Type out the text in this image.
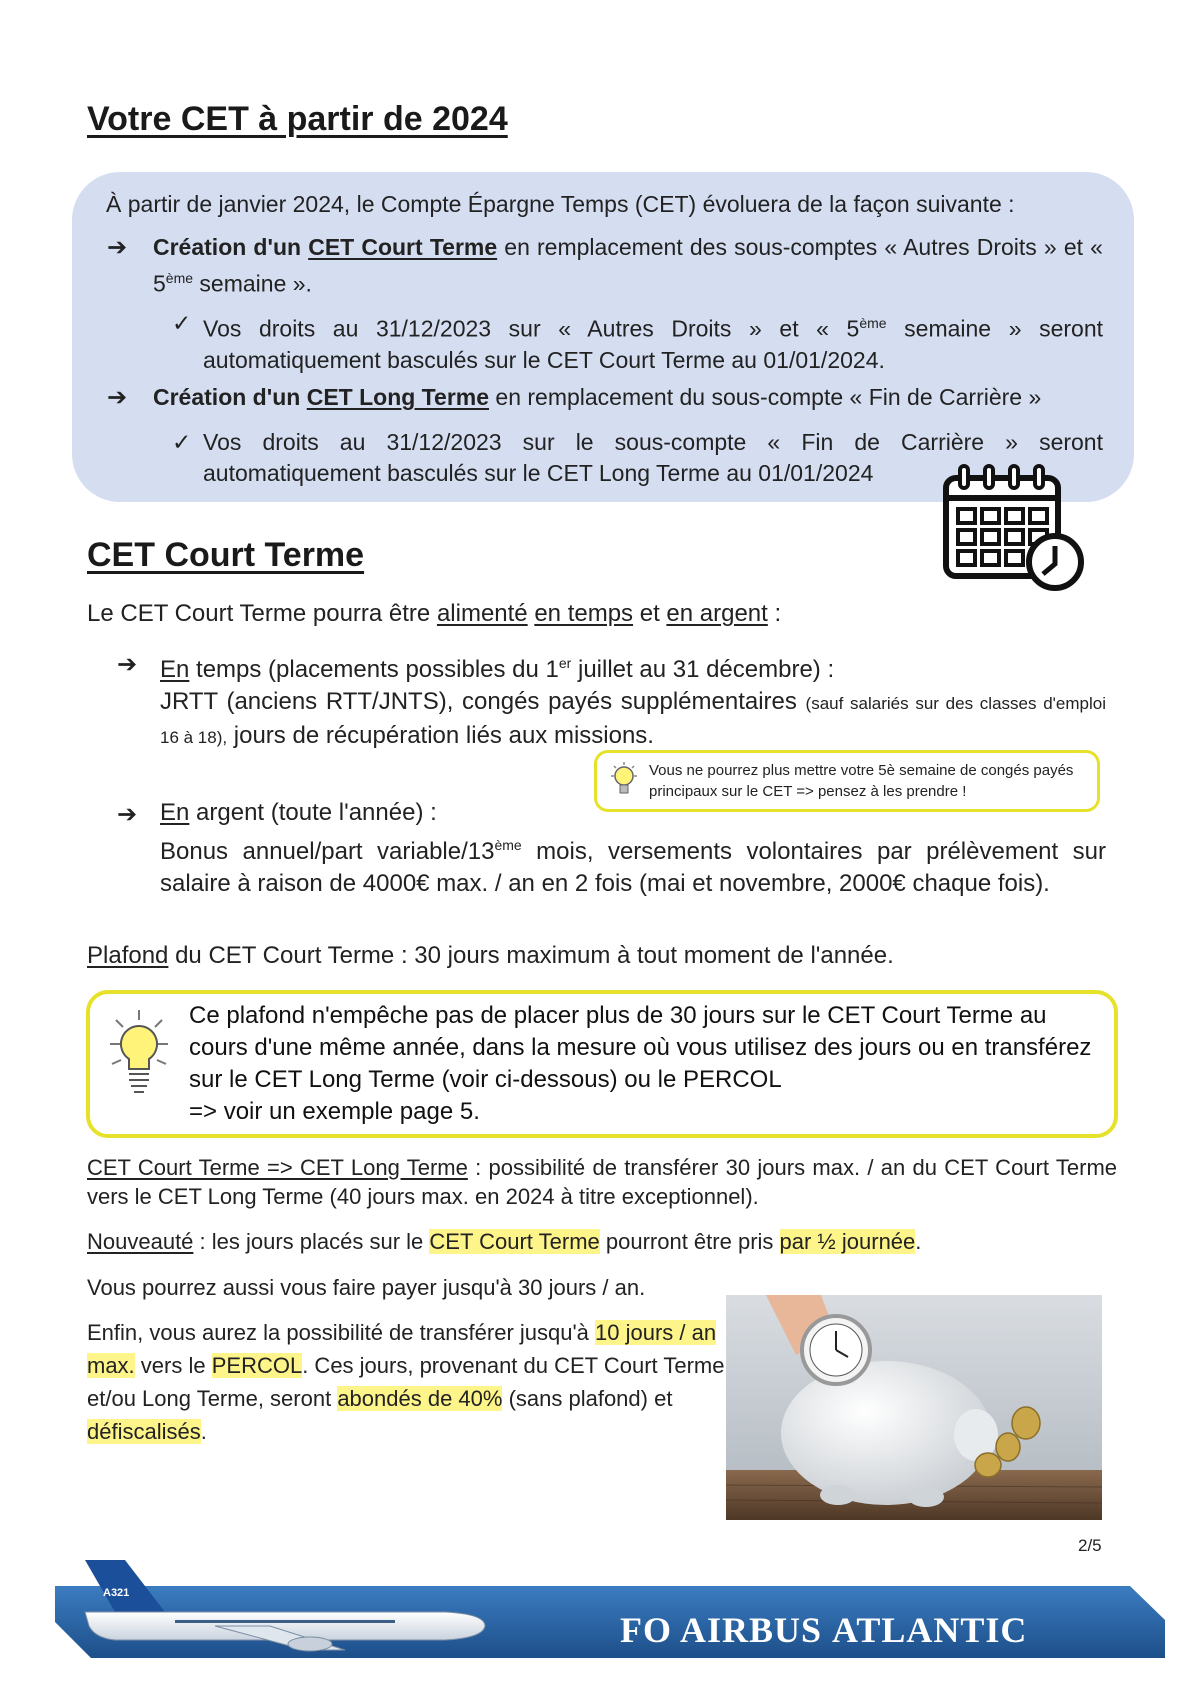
Votre CET à partir de 2024
À partir de janvier 2024, le Compte Épargne Temps (CET) évoluera de la façon suivante :
➔ Création d'un CET Court Terme en remplacement des sous-comptes « Autres Droits » et « 5ème semaine ».
✓ Vos droits au 31/12/2023 sur « Autres Droits » et « 5ème semaine » seront automatiquement basculés sur le CET Court Terme au 01/01/2024.
➔ Création d'un CET Long Terme en remplacement du sous-compte « Fin de Carrière »
✓ Vos droits au 31/12/2023 sur le sous-compte « Fin de Carrière » seront automatiquement basculés sur le CET Long Terme au 01/01/2024
CET Court Terme
Le CET Court Terme pourra être alimenté en temps et en argent :
➔ En temps (placements possibles du 1er juillet au 31 décembre) :
JRTT (anciens RTT/JNTS), congés payés supplémentaires (sauf salariés sur des classes d'emploi 16 à 18), jours de récupération liés aux missions.
Vous ne pourrez plus mettre votre 5è semaine de congés payés principaux sur le CET => pensez à les prendre !
➔ En argent (toute l'année) :
Bonus annuel/part variable/13ème mois, versements volontaires par prélèvement sur salaire à raison de 4000€ max. / an en 2 fois (mai et novembre, 2000€ chaque fois).
Plafond du CET Court Terme : 30 jours maximum à tout moment de l'année.
Ce plafond n'empêche pas de placer plus de 30 jours sur le CET Court Terme au cours d'une même année, dans la mesure où vous utilisez des jours ou en transférez sur le CET Long Terme (voir ci-dessous) ou le PERCOL
=> voir un exemple page 5.
CET Court Terme => CET Long Terme : possibilité de transférer 30 jours max. / an du CET Court Terme vers le CET Long Terme (40 jours max. en 2024 à titre exceptionnel).
Nouveauté : les jours placés sur le CET Court Terme pourront être pris par ½ journée.
Vous pourrez aussi vous faire payer jusqu'à 30 jours / an.
Enfin, vous aurez la possibilité de transférer jusqu'à 10 jours / an max. vers le PERCOL. Ces jours, provenant du CET Court Terme et/ou Long Terme, seront abondés de 40% (sans plafond) et défiscalisés.
2/5
A321
FO AIRBUS ATLANTIC
